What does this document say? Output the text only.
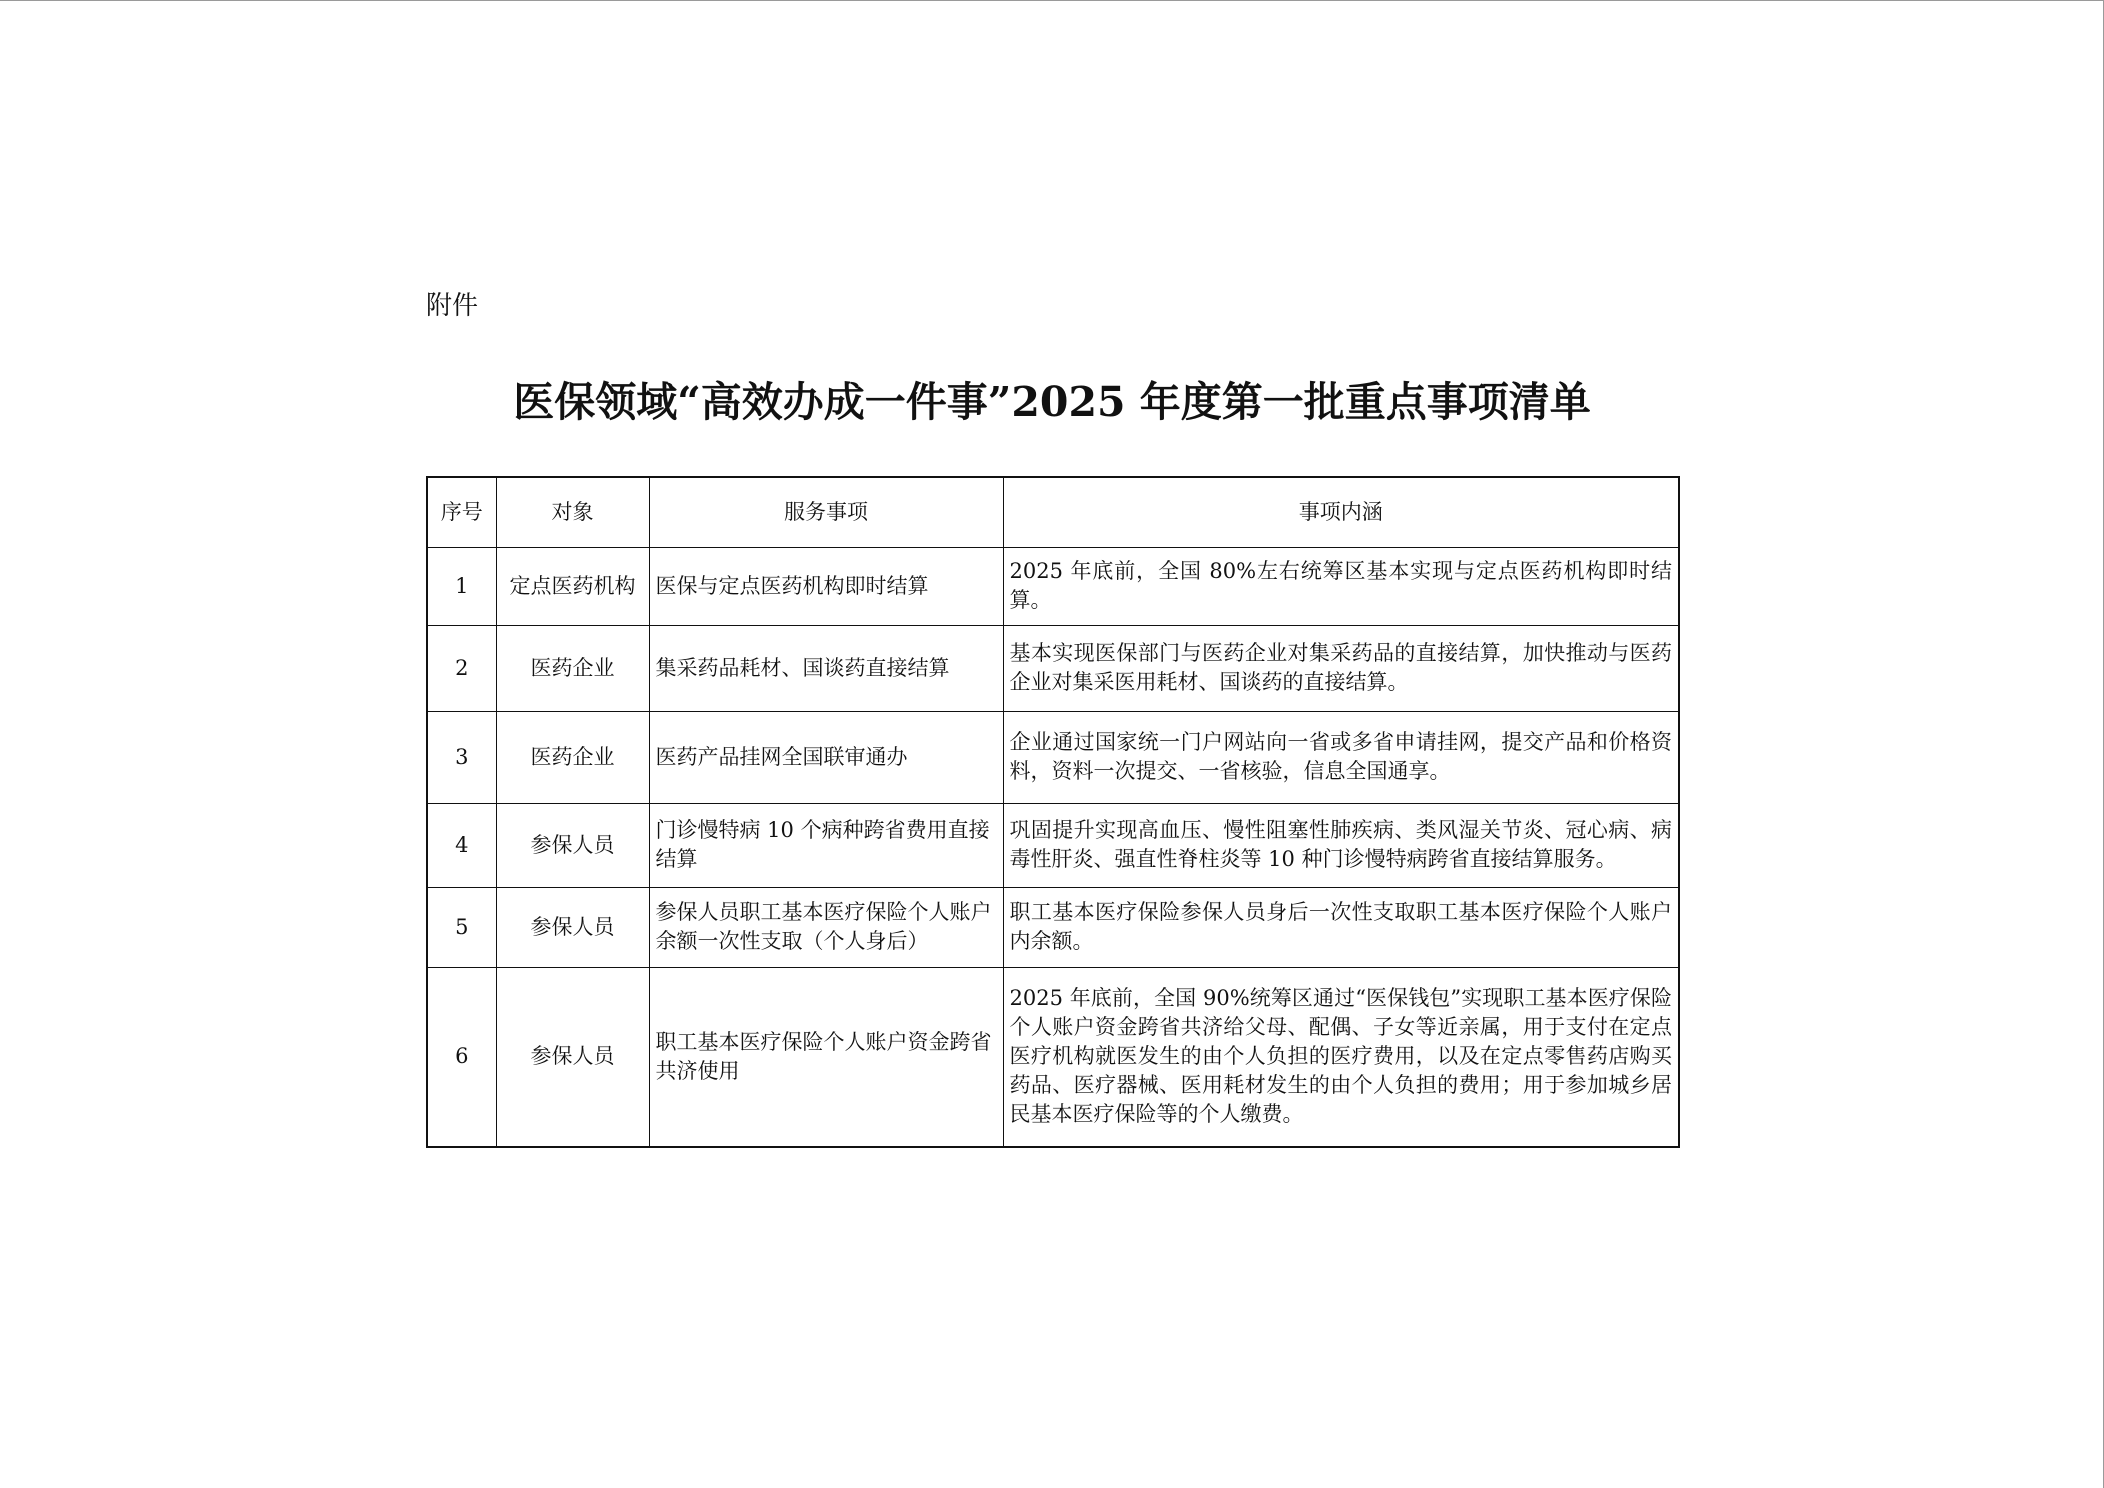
附件
医保领域“高效办成一件事”2025 年度第一批重点事项清单
序号	对象	服务事项	事项内涵
1	定点医药机构	医保与定点医药机构即时结算	2025 年底前，全国 80%左右统筹区基本实现与定点医药机构即时结算。
2	医药企业	集采药品耗材、国谈药直接结算	基本实现医保部门与医药企业对集采药品的直接结算，加快推动与医药企业对集采医用耗材、国谈药的直接结算。
3	医药企业	医药产品挂网全国联审通办	企业通过国家统一门户网站向一省或多省申请挂网，提交产品和价格资料，资料一次提交、一省核验，信息全国通享。
4	参保人员	门诊慢特病 10 个病种跨省费用直接结算	巩固提升实现高血压、慢性阻塞性肺疾病、类风湿关节炎、冠心病、病毒性肝炎、强直性脊柱炎等 10 种门诊慢特病跨省直接结算服务。
5	参保人员	参保人员职工基本医疗保险个人账户余额一次性支取（个人身后）	职工基本医疗保险参保人员身后一次性支取职工基本医疗保险个人账户内余额。
6	参保人员	职工基本医疗保险个人账户资金跨省共济使用	2025 年底前，全国 90%统筹区通过“医保钱包”实现职工基本医疗保险个人账户资金跨省共济给父母、配偶、子女等近亲属，用于支付在定点医疗机构就医发生的由个人负担的医疗费用，以及在定点零售药店购买药品、医疗器械、医用耗材发生的由个人负担的费用；用于参加城乡居民基本医疗保险等的个人缴费。
